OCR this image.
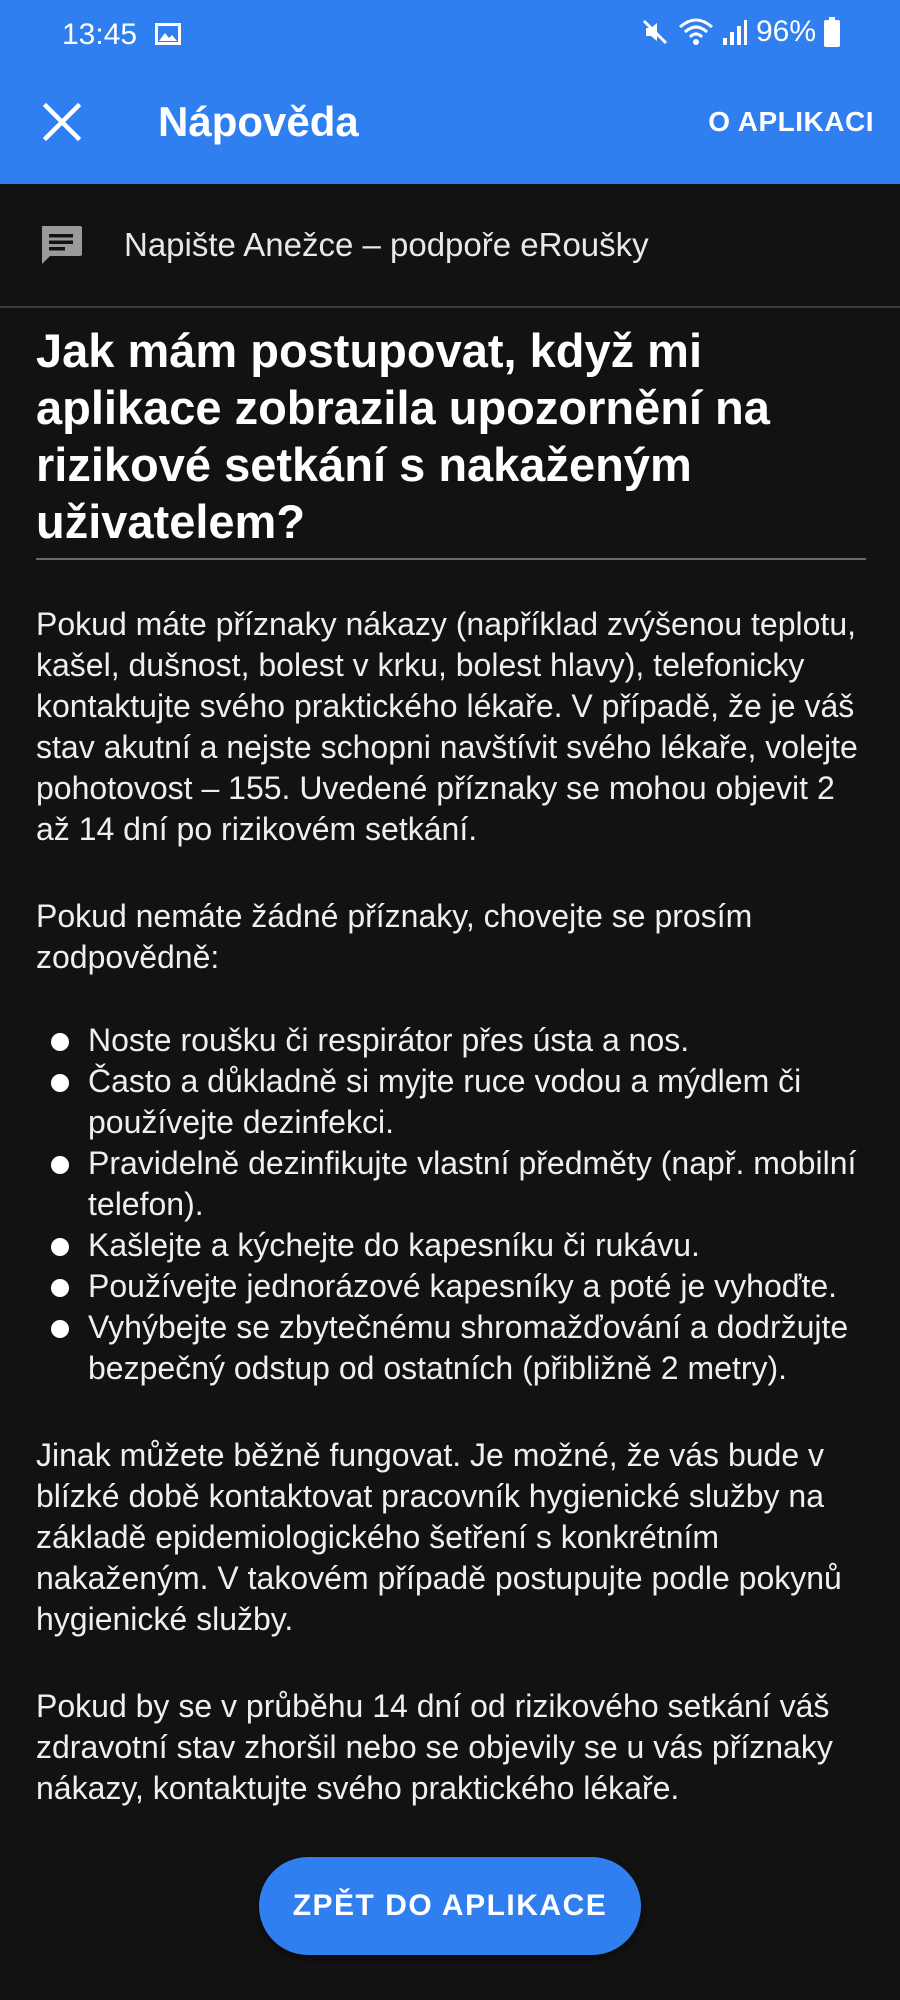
13:45	96%
Nápověda	O APLIKACI
Napište Anežce – podpoře eRoušky
Jak mám postupovat, když mi aplikace zobrazila upozornění na rizikové setkání s nakaženým uživatelem?

Pokud máte příznaky nákazy (například zvýšenou teplotu, kašel, dušnost, bolest v krku, bolest hlavy), telefonicky kontaktujte svého praktického lékaře. V případě, že je váš stav akutní a nejste schopni navštívit svého lékaře, volejte pohotovost – 155. Uvedené příznaky se mohou objevit 2 až 14 dní po rizikovém setkání.

Pokud nemáte žádné příznaky, chovejte se prosím zodpovědně:

Noste roušku či respirátor přes ústa a nos.
Často a důkladně si myjte ruce vodou a mýdlem či používejte dezinfekci.
Pravidelně dezinfikujte vlastní předměty (např. mobilní telefon).
Kašlejte a kýchejte do kapesníku či rukávu.
Používejte jednorázové kapesníky a poté je vyhoďte.
Vyhýbejte se zbytečnému shromažďování a dodržujte bezpečný odstup od ostatních (přibližně 2 metry).

Jinak můžete běžně fungovat. Je možné, že vás bude v blízké době kontaktovat pracovník hygienické služby na základě epidemiologického šetření s konkrétním nakaženým. V takovém případě postupujte podle pokynů hygienické služby.

Pokud by se v průběhu 14 dní od rizikového setkání váš zdravotní stav zhoršil nebo se objevily se u vás příznaky nákazy, kontaktujte svého praktického lékaře.

ZPĚT DO APLIKACE
